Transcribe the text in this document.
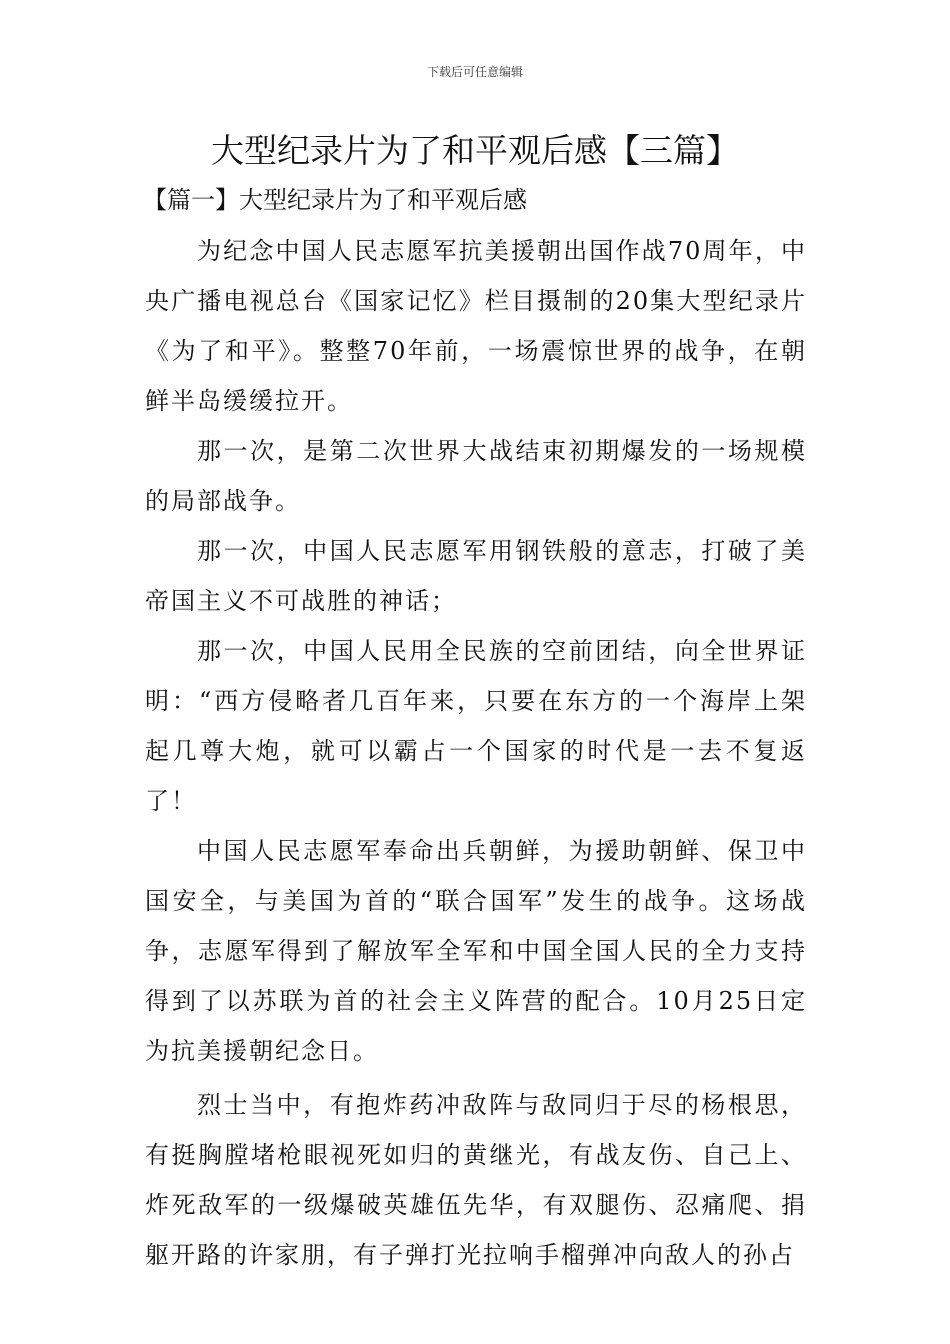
下载后可任意编辑
大型纪录片为了和平观后感【三篇】
【篇一】大型纪录片为了和平观后感

为纪念中国人民志愿军抗美援朝出国作战70周年，中央广播电视总台《国家记忆》栏目摄制的20集大型纪录片《为了和平》。整整70年前，一场震惊世界的战争，在朝鲜半岛缓缓拉开。

那一次，是第二次世界大战结束初期爆发的一场规模的局部战争。

那一次，中国人民志愿军用钢铁般的意志，打破了美帝国主义不可战胜的神话；

那一次，中国人民用全民族的空前团结，向全世界证明：“西方侵略者几百年来，只要在东方的一个海岸上架起几尊大炮，就可以霸占一个国家的时代是一去不复返了！

中国人民志愿军奉命出兵朝鲜，为援助朝鲜、保卫中国安全，与美国为首的“联合国军”发生的战争。这场战争，志愿军得到了解放军全军和中国全国人民的全力支持得到了以苏联为首的社会主义阵营的配合。10月25日定为抗美援朝纪念日。

烈士当中，有抱炸药冲敌阵与敌同归于尽的杨根思，有挺胸膛堵枪眼视死如归的黄继光，有战友伤、自己上、炸死敌军的一级爆破英雄伍先华，有双腿伤、忍痛爬、捐躯开路的许家朋，有子弹打光拉响手榴弹冲向敌人的孙占
